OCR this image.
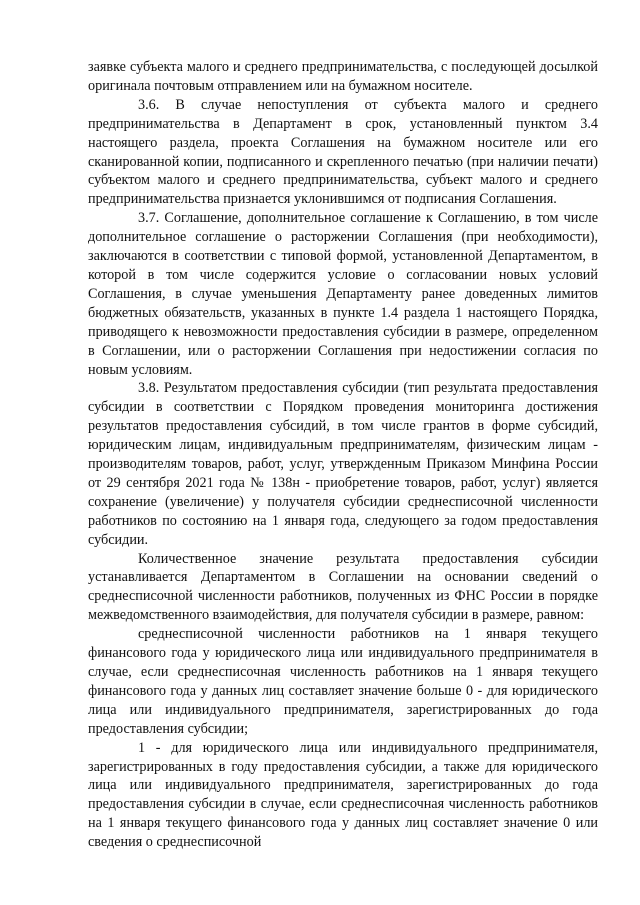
заявке субъекта малого и среднего предпринимательства, с последующей досылкой оригинала почтовым отправлением или на бумажном носителе.

3.6. В случае непоступления от субъекта малого и среднего предпринимательства в Департамент в срок, установленный пунктом 3.4 настоящего раздела, проекта Соглашения на бумажном носителе или его сканированной копии, подписанного и скрепленного печатью (при наличии печати) субъектом малого и среднего предпринимательства, субъект малого и среднего предпринимательства признается уклонившимся от подписания Соглашения.

3.7. Соглашение, дополнительное соглашение к Соглашению, в том числе дополнительное соглашение о расторжении Соглашения (при необходимости), заключаются в соответствии с типовой формой, установленной Департаментом, в которой в том числе содержится условие о согласовании новых условий Соглашения, в случае уменьшения Департаменту ранее доведенных лимитов бюджетных обязательств, указанных в пункте 1.4 раздела 1 настоящего Порядка, приводящего к невозможности предоставления субсидии в размере, определенном в Соглашении, или о расторжении Соглашения при недостижении согласия по новым условиям.

3.8. Результатом предоставления субсидии (тип результата предоставления субсидии в соответствии с Порядком проведения мониторинга достижения результатов предоставления субсидий, в том числе грантов в форме субсидий, юридическим лицам, индивидуальным предпринимателям, физическим лицам - производителям товаров, работ, услуг, утвержденным Приказом Минфина России от 29 сентября 2021 года № 138н - приобретение товаров, работ, услуг) является сохранение (увеличение) у получателя субсидии среднесписочной численности работников по состоянию на 1 января года, следующего за годом предоставления субсидии.

Количественное значение результата предоставления субсидии устанавливается Департаментом в Соглашении на основании сведений о среднесписочной численности работников, полученных из ФНС России в порядке межведомственного взаимодействия, для получателя субсидии в размере, равном:

среднесписочной численности работников на 1 января текущего финансового года у юридического лица или индивидуального предпринимателя в случае, если среднесписочная численность работников на 1 января текущего финансового года у данных лиц составляет значение больше 0 - для юридического лица или индивидуального предпринимателя, зарегистрированных до года предоставления субсидии;

1 - для юридического лица или индивидуального предпринимателя, зарегистрированных в году предоставления субсидии, а также для юридического лица или индивидуального предпринимателя, зарегистрированных до года предоставления субсидии в случае, если среднесписочная численность работников на 1 января текущего финансового года у данных лиц составляет значение 0 или сведения о среднесписочной
